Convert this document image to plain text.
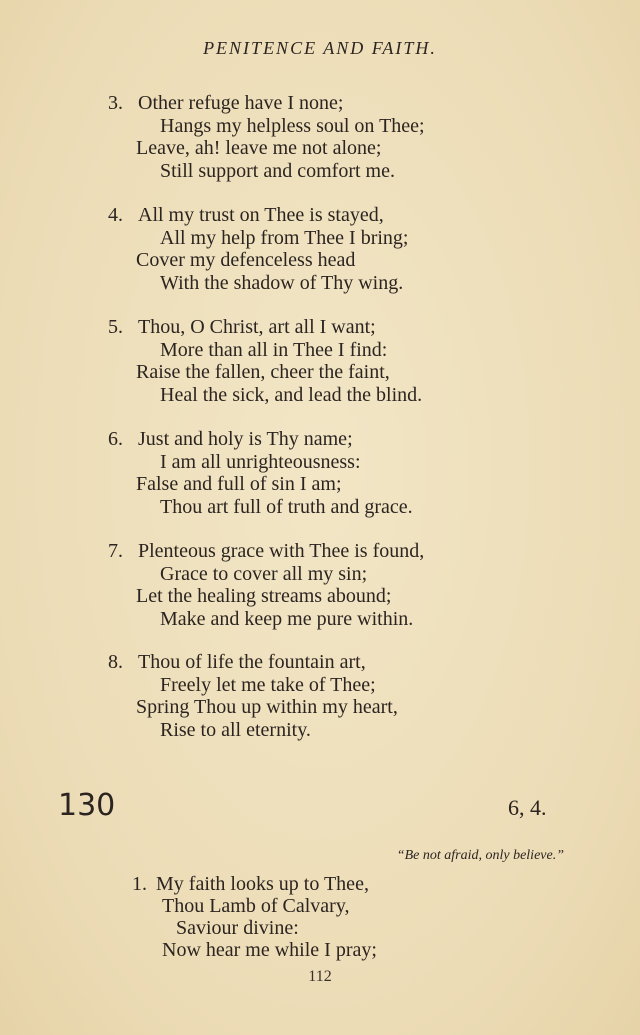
PENITENCE AND FAITH.
3. Other refuge have I none;
Hangs my helpless soul on Thee;
Leave, ah! leave me not alone;
Still support and comfort me.
4. All my trust on Thee is stayed,
All my help from Thee I bring;
Cover my defenceless head
With the shadow of Thy wing.
5. Thou, O Christ, art all I want;
More than all in Thee I find:
Raise the fallen, cheer the faint,
Heal the sick, and lead the blind.
6. Just and holy is Thy name;
I am all unrighteousness:
False and full of sin I am;
Thou art full of truth and grace.
7. Plenteous grace with Thee is found,
Grace to cover all my sin;
Let the healing streams abound;
Make and keep me pure within.
8. Thou of life the fountain art,
Freely let me take of Thee;
Spring Thou up within my heart,
Rise to all eternity.
130	6, 4.
“Be not afraid, only believe.”
1. My faith looks up to Thee,
Thou Lamb of Calvary,
Saviour divine:
Now hear me while I pray;
112
